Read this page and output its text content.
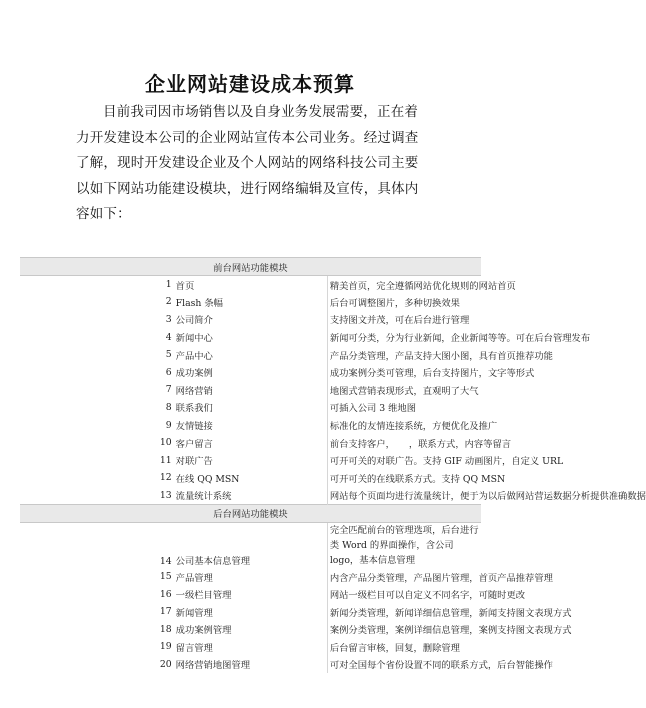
企业网站建设成本预算
目前我司因市场销售以及自身业务发展需要，正在着
力开发建设本公司的企业网站宣传本公司业务。经过调查
了解，现时开发建设企业及个人网站的网络科技公司主要
以如下网站功能建设模块，进行网络编辑及宣传，具体内
容如下：
前台网站功能模块		
1	首页	精美首页，完全遵循网站优化规则的网站首页
2	Flash 条幅	后台可调整图片，多种切换效果
3	公司简介	支持图文并茂，可在后台进行管理
4	新闻中心	新闻可分类，分为行业新闻，企业新闻等等。可在后台管理发布
5	产品中心	产品分类管理，产品支持大图小图，具有首页推荐功能
6	成功案例	成功案例分类可管理，后台支持图片，文字等形式
7	网络营销	地图式营销表现形式，直观明了大气
8	联系我们	可插入公司 3 维地图
9	友情链接	标准化的友情连接系统，方便优化及推广
10	客户留言	前台支持客户，　　，联系方式，内容等留言
11	对联广告	可开可关的对联广告。支持 GIF 动画图片，自定义 URL
12	在线 QQ MSN	可开可关的在线联系方式。支持 QQ MSN
13	流量统计系统	网站每个页面均进行流量统计，便于为以后做网站营运数据分析提供准确数据
后台网站功能模块		
14	公司基本信息管理	完全匹配前台的管理选项，后台进行类 Word 的界面操作，含公司 logo，基本信息管理
15	产品管理	内含产品分类管理，产品图片管理，首页产品推荐管理
16	一级栏目管理	网站一级栏目可以自定义不同名字，可随时更改
17	新闻管理	新闻分类管理，新闻详细信息管理，新闻支持图文表现方式
18	成功案例管理	案例分类管理，案例详细信息管理，案例支持图文表现方式
19	留言管理	后台留言审核，回复，删除管理
20	网络营销地图管理	可对全国每个省份设置不同的联系方式，后台智能操作
